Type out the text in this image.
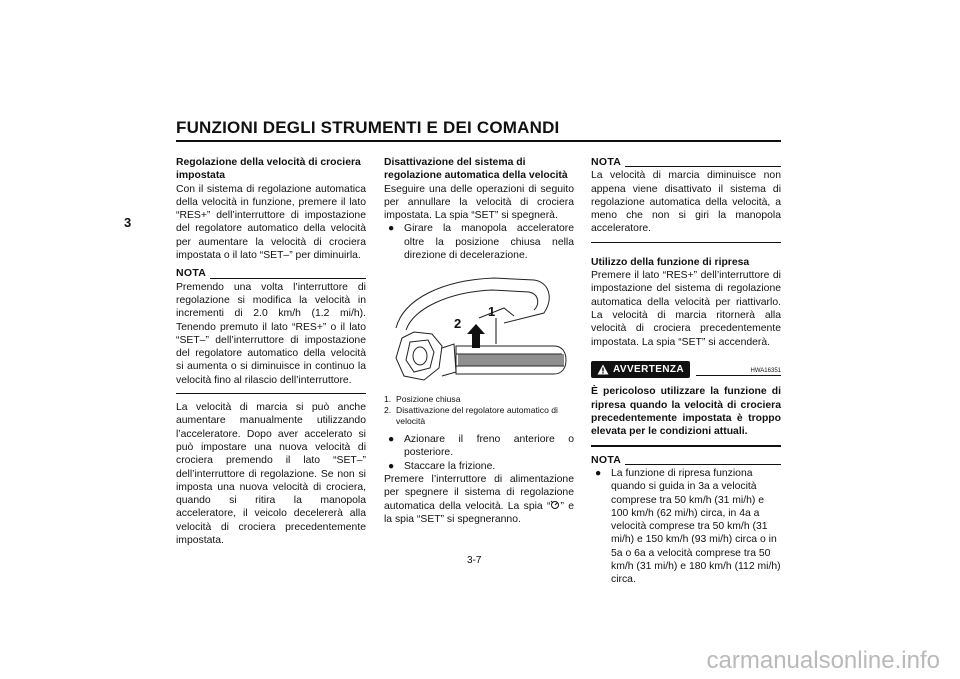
FUNZIONI DEGLI STRUMENTI E DEI COMANDI
3

Regolazione della velocità di crociera impostata

Con il sistema di regolazione automatica della velocità in funzione, premere il lato “RES+” dell’interruttore di impostazione del regolatore automatico della velocità per aumentare la velocità di crociera impostata o il lato “SET–” per diminuirla.

NOTA

Premendo una volta l’interruttore di regolazione si modifica la velocità in incrementi di 2.0 km/h (1.2 mi/h). Tenendo premuto il lato “RES+” o il lato “SET–” dell’interruttore di impostazione del regolatore automatico della velocità si aumenta o si diminuisce in continuo la velocità fino al rilascio dell’interruttore.

La velocità di marcia si può anche aumentare manualmente utilizzando l’acceleratore. Dopo aver accelerato si può impostare una nuova velocità di crociera premendo il lato “SET–” dell’interruttore di regolazione. Se non si imposta una nuova velocità di crociera, quando si ritira la manopola acceleratore, il veicolo decelererà alla velocità di crociera precedentemente impostata.

Disattivazione del sistema di regolazione automatica della velocità

Eseguire una delle operazioni di seguito per annullare la velocità di crociera impostata. La spia “SET” si spegnerà.

● Girare la manopola acceleratore oltre la posizione chiusa nella direzione di decelerazione.
2
1
1. Posizione chiusa
2. Disattivazione del regolatore automatico di velocità
● Azionare il freno anteriore o posteriore.
● Staccare la frizione.

Premere l’interruttore di alimentazione per spegnere il sistema di regolazione automatica della velocità. La spia “ ” e la spia “SET” si spegneranno.

NOTA

La velocità di marcia diminuisce non appena viene disattivato il sistema di regolazione automatica della velocità, a meno che non si giri la manopola acceleratore.

Utilizzo della funzione di ripresa

Premere il lato “RES+” dell’interruttore di impostazione del sistema di regolazione automatica della velocità per riattivarlo. La velocità di marcia ritornerà alla velocità di crociera precedentemente impostata. La spia “SET” si accenderà.

AVVERTENZA	HWA16351

È pericoloso utilizzare la funzione di ripresa quando la velocità di crociera precedentemente impostata è troppo elevata per le condizioni attuali.

NOTA
● La funzione di ripresa funziona quando si guida in 3a a velocità comprese tra 50 km/h (31 mi/h) e 100 km/h (62 mi/h) circa, in 4a a velocità comprese tra 50 km/h (31 mi/h) e 150 km/h (93 mi/h) circa o in 5a o 6a a velocità comprese tra 50 km/h (31 mi/h) e 180 km/h (112 mi/h) circa.
3-7
carmanualsonline.info
